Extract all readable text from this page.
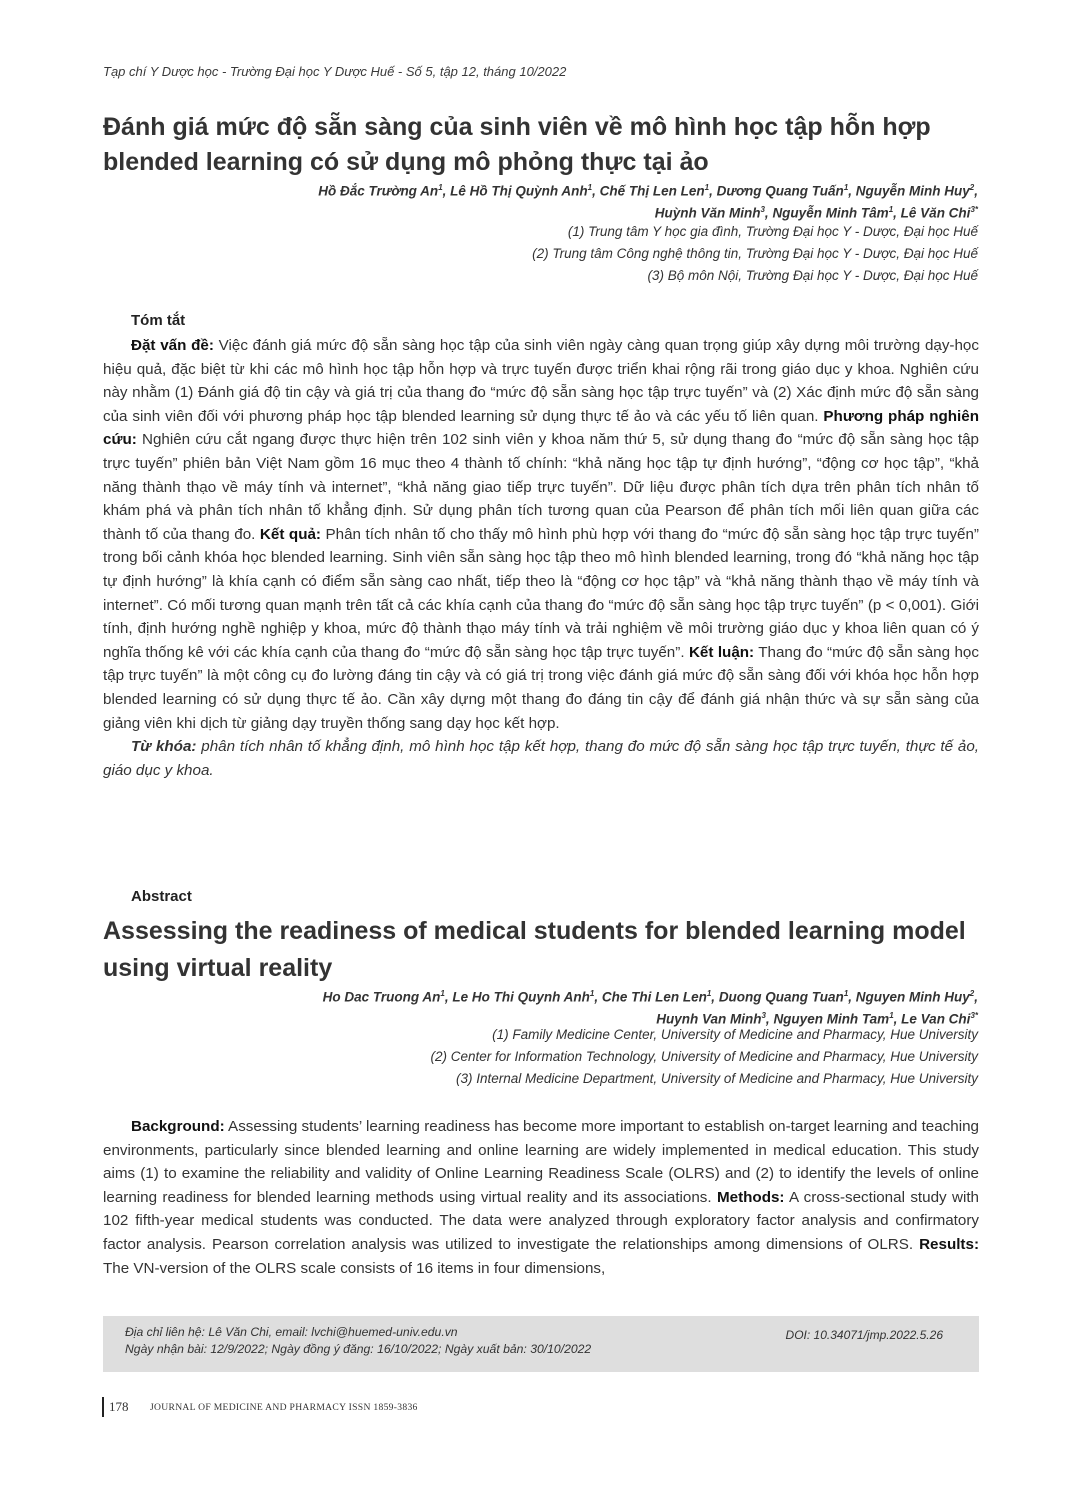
Tạp chí Y Dược học - Trường Đại học Y Dược Huế - Số 5, tập 12, tháng 10/2022
Đánh giá mức độ sẵn sàng của sinh viên về mô hình học tập hỗn hợp blended learning có sử dụng mô phỏng thực tại ảo
Hồ Đắc Trường An$^1$, Lê Hồ Thị Quỳnh Anh$^1$, Chế Thị Len Len$^1$, Dương Quang Tuấn$^1$, Nguyễn Minh Huy$^2$,
Huỳnh Văn Minh$^3$, Nguyễn Minh Tâm$^1$, Lê Văn Chi$^{3*}$
(1) Trung tâm Y học gia đình, Trường Đại học Y - Dược, Đại học Huế
(2) Trung tâm Công nghệ thông tin, Trường Đại học Y - Dược, Đại học Huế
(3) Bộ môn Nội, Trường Đại học Y - Dược, Đại học Huế
Tóm tắt

Đặt vấn đề: Việc đánh giá mức độ sẵn sàng học tập của sinh viên ngày càng quan trọng giúp xây dựng môi trường dạy-học hiệu quả, đặc biệt từ khi các mô hình học tập hỗn hợp và trực tuyến được triển khai rộng rãi trong giáo dục y khoa. Nghiên cứu này nhằm (1) Đánh giá độ tin cậy và giá trị của thang đo “mức độ sẵn sàng học tập trực tuyến” và (2) Xác định mức độ sẵn sàng của sinh viên đối với phương pháp học tập blended learning sử dụng thực tế ảo và các yếu tố liên quan. Phương pháp nghiên cứu: Nghiên cứu cắt ngang được thực hiện trên 102 sinh viên y khoa năm thứ 5, sử dụng thang đo “mức độ sẵn sàng học tập trực tuyến” phiên bản Việt Nam gồm 16 mục theo 4 thành tố chính: “khả năng học tập tự định hướng”, “động cơ học tập”, “khả năng thành thạo về máy tính và internet”, “khả năng giao tiếp trực tuyến”. Dữ liệu được phân tích dựa trên phân tích nhân tố khám phá và phân tích nhân tố khẳng định. Sử dụng phân tích tương quan của Pearson để phân tích mối liên quan giữa các thành tố của thang đo. Kết quả: Phân tích nhân tố cho thấy mô hình phù hợp với thang đo “mức độ sẵn sàng học tập trực tuyến” trong bối cảnh khóa học blended learning. Sinh viên sẵn sàng học tập theo mô hình blended learning, trong đó “khả năng học tập tự định hướng” là khía cạnh có điểm sẵn sàng cao nhất, tiếp theo là “động cơ học tập” và “khả năng thành thạo về máy tính và internet”. Có mối tương quan mạnh trên tất cả các khía cạnh của thang đo “mức độ sẵn sàng học tập trực tuyến” (p < 0,001). Giới tính, định hướng nghề nghiệp y khoa, mức độ thành thạo máy tính và trải nghiệm về môi trường giáo dục y khoa liên quan có ý nghĩa thống kê với các khía cạnh của thang đo “mức độ sẵn sàng học tập trực tuyến”. Kết luận: Thang đo “mức độ sẵn sàng học tập trực tuyến” là một công cụ đo lường đáng tin cậy và có giá trị trong việc đánh giá mức độ sẵn sàng đối với khóa học hỗn hợp blended learning có sử dụng thực tế ảo. Cần xây dựng một thang đo đáng tin cậy để đánh giá nhận thức và sự sẵn sàng của giảng viên khi dịch từ giảng dạy truyền thống sang dạy học kết hợp.

Từ khóa: phân tích nhân tố khẳng định, mô hình học tập kết hợp, thang đo mức độ sẵn sàng học tập trực tuyến, thực tế ảo, giáo dục y khoa.

Abstract
Assessing the readiness of medical students for blended learning model using virtual reality
Ho Dac Truong An$^1$, Le Ho Thi Quynh Anh$^1$, Che Thi Len Len$^1$, Duong Quang Tuan$^1$, Nguyen Minh Huy$^2$,
Huynh Van Minh$^3$, Nguyen Minh Tam$^1$, Le Van Chi$^{3*}$
(1) Family Medicine Center, University of Medicine and Pharmacy, Hue University
(2) Center for Information Technology, University of Medicine and Pharmacy, Hue University
(3) Internal Medicine Department, University of Medicine and Pharmacy, Hue University

Background: Assessing students’ learning readiness has become more important to establish on-target learning and teaching environments, particularly since blended learning and online learning are widely implemented in medical education. This study aims (1) to examine the reliability and validity of Online Learning Readiness Scale (OLRS) and (2) to identify the levels of online learning readiness for blended learning methods using virtual reality and its associations. Methods: A cross-sectional study with 102 fifth-year medical students was conducted. The data were analyzed through exploratory factor analysis and confirmatory factor analysis. Pearson correlation analysis was utilized to investigate the relationships among dimensions of OLRS. Results: The VN-version of the OLRS scale consists of 16 items in four dimensions,

Địa chỉ liên hệ: Lê Văn Chi, email: lvchi@huemed-univ.edu.vn
Ngày nhận bài: 12/9/2022; Ngày đồng ý đăng: 16/10/2022; Ngày xuất bản: 30/10/2022
DOI: 10.34071/jmp.2022.5.26
178 JOURNAL OF MEDICINE AND PHARMACY ISSN 1859-3836
